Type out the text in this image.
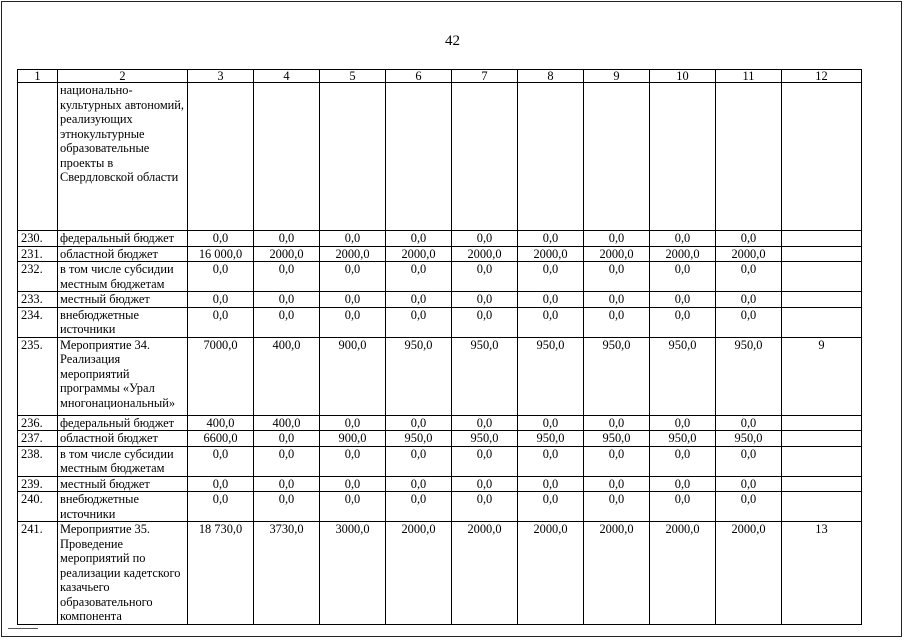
42
1	2	3	4	5	6	7	8	9	10	11	12
	национально-культурных автономий, реализующих этнокультурные образовательные проекты в Свердловской области										
230.	федеральный бюджет	0,0	0,0	0,0	0,0	0,0	0,0	0,0	0,0	0,0	
231.	областной бюджет	16 000,0	2000,0	2000,0	2000,0	2000,0	2000,0	2000,0	2000,0	2000,0	
232.	в том числе субсидии местным бюджетам	0,0	0,0	0,0	0,0	0,0	0,0	0,0	0,0	0,0	
233.	местный бюджет	0,0	0,0	0,0	0,0	0,0	0,0	0,0	0,0	0,0	
234.	внебюджетные источники	0,0	0,0	0,0	0,0	0,0	0,0	0,0	0,0	0,0	
235.	Мероприятие 34. Реализация мероприятий программы «Урал многонациональный»	7000,0	400,0	900,0	950,0	950,0	950,0	950,0	950,0	950,0	9
236.	федеральный бюджет	400,0	400,0	0,0	0,0	0,0	0,0	0,0	0,0	0,0	
237.	областной бюджет	6600,0	0,0	900,0	950,0	950,0	950,0	950,0	950,0	950,0	
238.	в том числе субсидии местным бюджетам	0,0	0,0	0,0	0,0	0,0	0,0	0,0	0,0	0,0	
239.	местный бюджет	0,0	0,0	0,0	0,0	0,0	0,0	0,0	0,0	0,0	
240.	внебюджетные источники	0,0	0,0	0,0	0,0	0,0	0,0	0,0	0,0	0,0	
241.	Мероприятие 35. Проведение мероприятий по реализации кадетского казачьего образовательного компонента	18 730,0	3730,0	3000,0	2000,0	2000,0	2000,0	2000,0	2000,0	2000,0	13
